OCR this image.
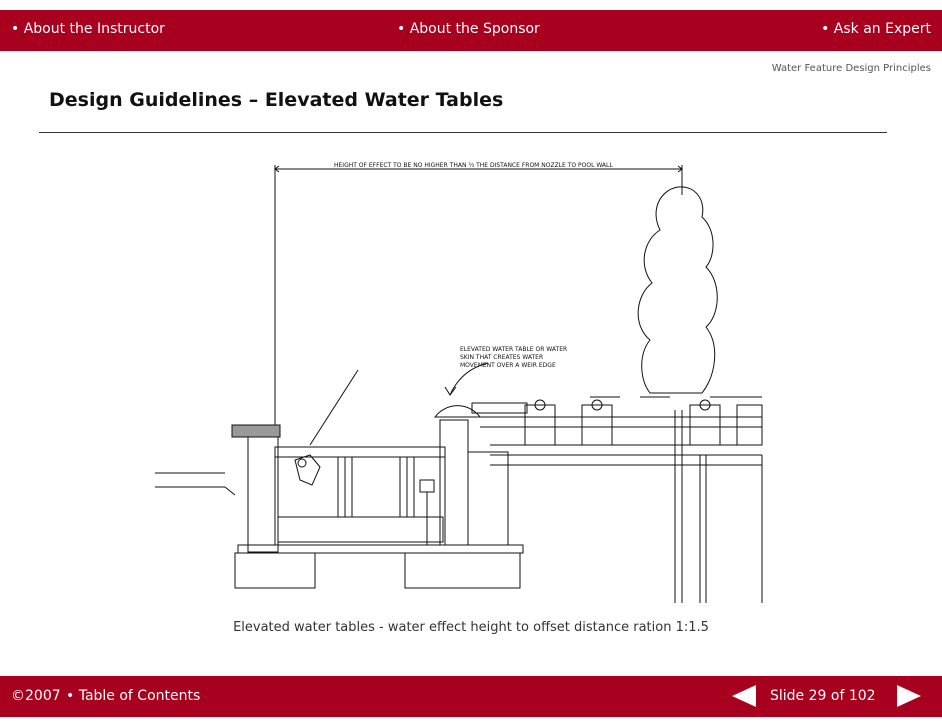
• About the Instructor	• About the Sponsor	• Ask an Expert
Water Feature Design Principles
Design Guidelines – Elevated Water Tables
HEIGHT OF EFFECT TO BE NO HIGHER THAN ⅔ THE DISTANCE FROM NOZZLE TO POOL WALL
ELEVATED WATER TABLE OR WATER
SKIN THAT CREATES WATER
MOVEMENT OVER A WEIR EDGE
Elevated water tables - water effect height to offset distance ration 1:1.5
©2007 • Table of Contents	Slide 29 of 102
